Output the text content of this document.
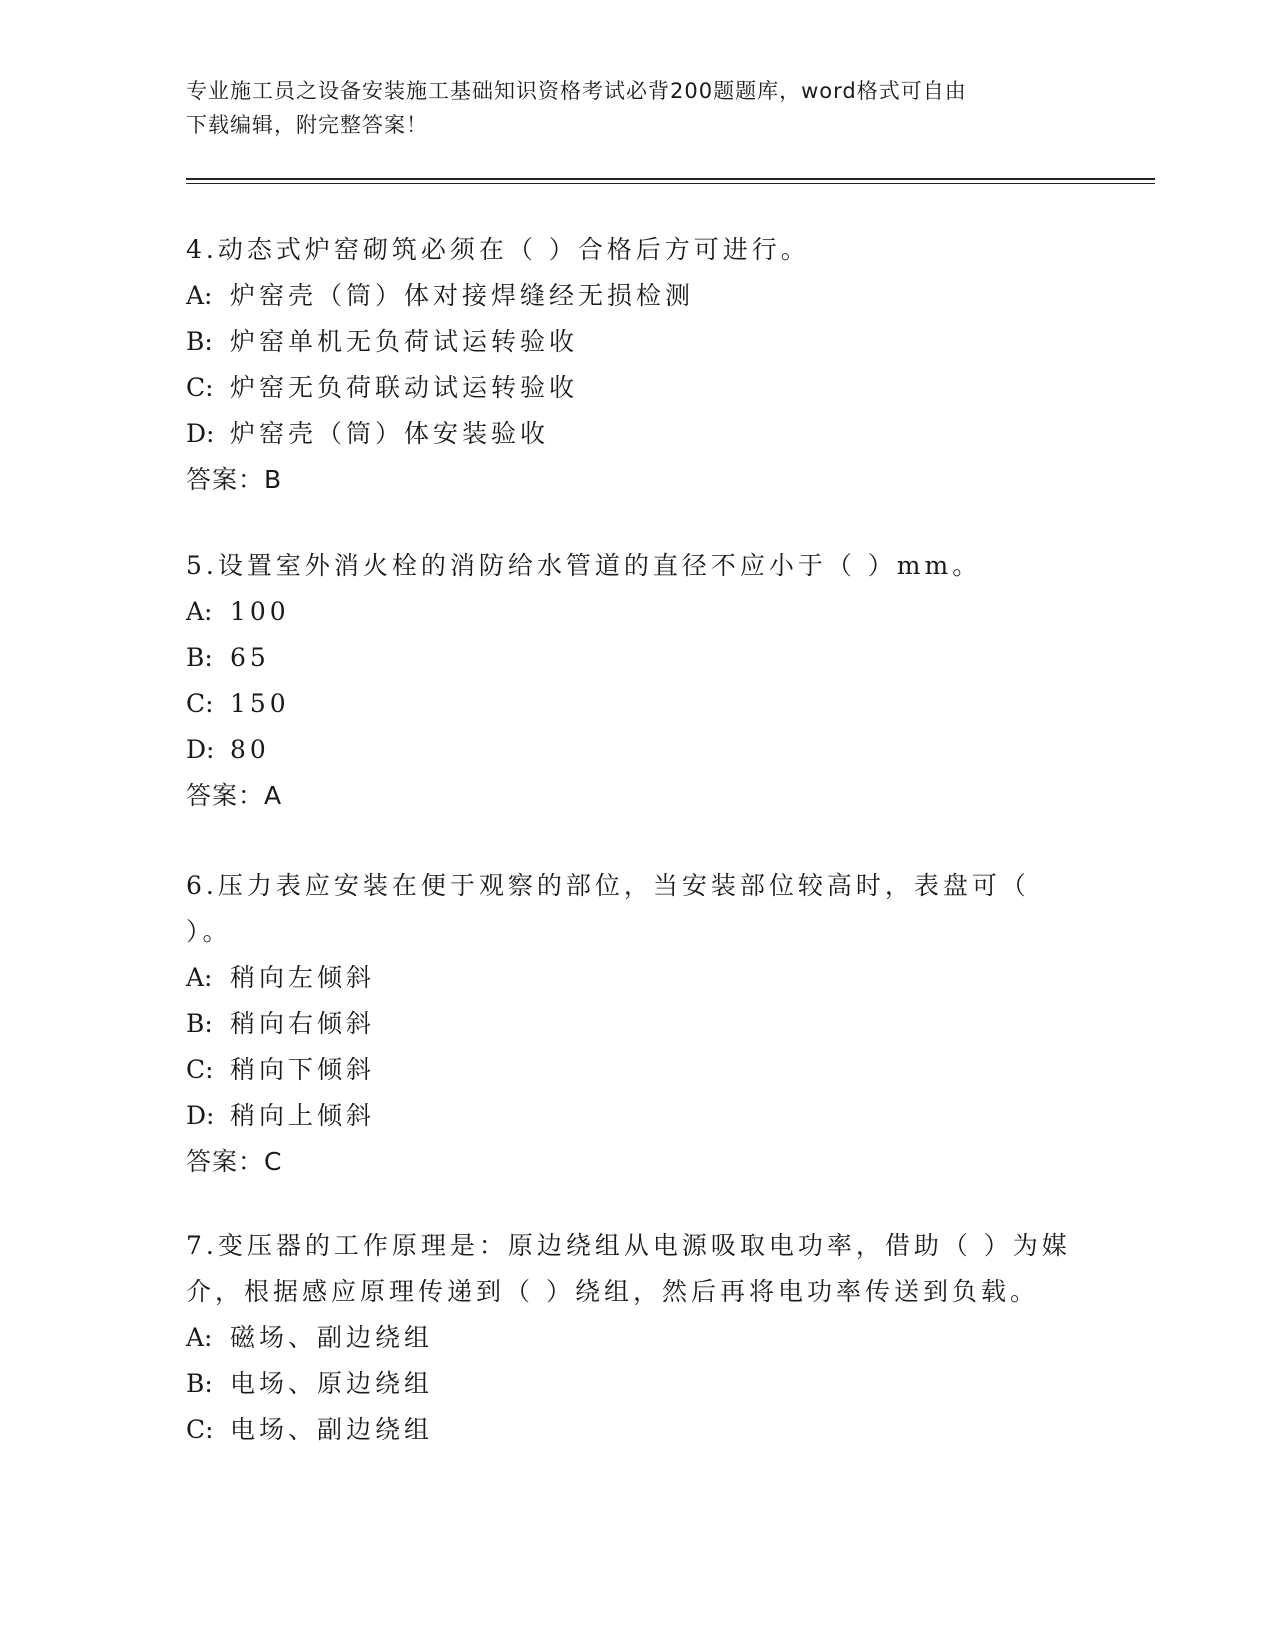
专业施工员之设备安装施工基础知识资格考试必背200题题库，word格式可自由
下载编辑，附完整答案！

4.动态式炉窑砌筑必须在（ ）合格后方可进行。

A: 炉窑壳（筒）体对接焊缝经无损检测
B: 炉窑单机无负荷试运转验收
C: 炉窑无负荷联动试运转验收
D: 炉窑壳（筒）体安装验收
答案：B

5.设置室外消火栓的消防给水管道的直径不应小于（ ）mm。

A: 100
B: 65
C: 150
D: 80
答案：A

6.压力表应安装在便于观察的部位，当安装部位较高时，表盘可（ ）。

A: 稍向左倾斜
B: 稍向右倾斜
C: 稍向下倾斜
D: 稍向上倾斜
答案：C

7.变压器的工作原理是：原边绕组从电源吸取电功率，借助（ ）为媒介，根据感应原理传递到（ ）绕组，然后再将电功率传送到负载。

A: 磁场、副边绕组
B: 电场、原边绕组
C: 电场、副边绕组
